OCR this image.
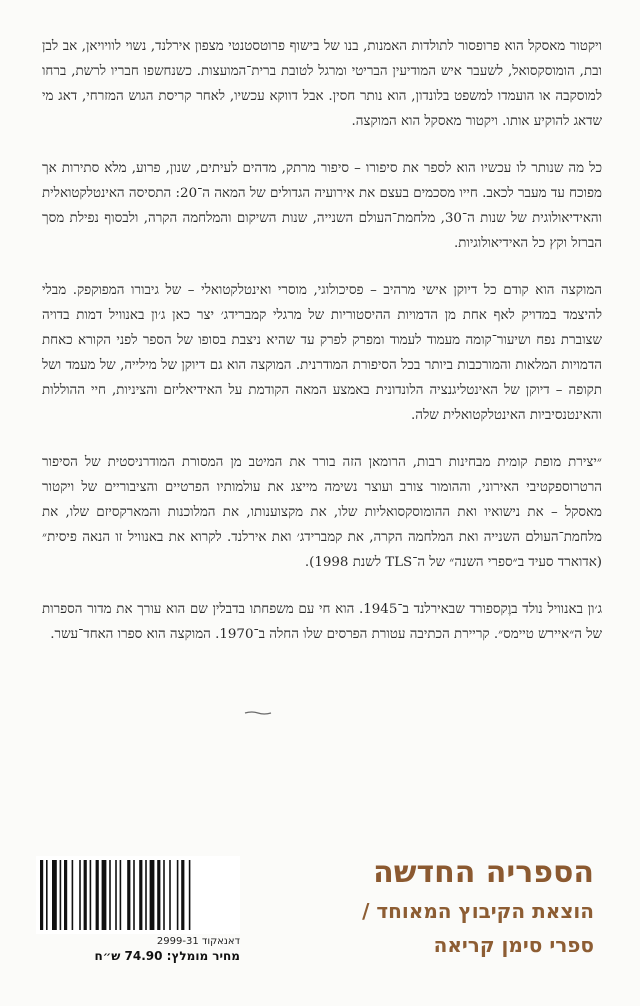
ויקטור מאסקל הוא פרופסור לתולדות האמנות, בנו של בישוף פרוטסטנטי מצפון אירלנד, נשוי לוויויאן, אב לבן ובת, הומוסקסואל, לשעבר איש המודיעין הבריטי ומרגל לטובת ברית־המועצות. כשנחשפו חבריו לרשת, ברחו למוסקבה או הועמדו למשפט בלונדון, הוא נותר חסין. אבל דווקא עכשיו, לאחר קריסת הגוש המזרחי, דאג מי שדאג להוקיע אותו. ויקטור מאסקל הוא המוקצה.

כל מה שנותר לו עכשיו הוא לספר את סיפורו – סיפור מרתק, מדהים לעיתים, שנון, פרוע, מלא סתירות אך מפוכח עד מעבר לכאב. חייו מסכמים בעצם את אירועיה הגדולים של המאה ה־20: התסיסה האינטלקטואלית והאידיאולוגית של שנות ה־30, מלחמת־העולם השנייה, שנות השיקום והמלחמה הקרה, ולבסוף נפילת מסך הברזל וקץ כל האידיאולוגיות.

המוקצה הוא קודם כל דיוקן אישי מרהיב – פסיכולוגי, מוסרי ואינטלקטואלי – של גיבורו המפוקפק. מבלי להיצמד במדויק לאף אחת מן הדמויות ההיסטוריות של מרגלי קמברידג׳ יצר כאן ג׳ון באנוויל דמות בדויה שצוברת נפח ושיעור־קומה מעמוד לעמוד ומפרק לפרק עד שהיא ניצבת בסופו של הספר לפני הקורא כאחת הדמויות המלאות והמורכבות ביותר בכל הסיפורת המודרנית. המוקצה הוא גם דיוקן של מילייה, של מעמד ושל תקופה – דיוקן של האינטליגנציה הלונדונית באמצע המאה הקודמת על האידיאליזם והציניות, חיי ההוללות והאינטנסיביות האינטלקטואלית שלה.

״יצירת מופת קומית מבחינות רבות, הרומאן הזה בורר את המיטב מן המסורת המודרניסטית של הסיפור הרטרוספקטיבי האירוני, וההומור צורב ועוצר נשימה מייצג את עולמותיו הפרטיים והציבוריים של ויקטור מאסקל – את נישואיו ואת ההומוסקסואליות שלו, את מקצוענותו, את המלוכנות והמארקסיזם שלו, את מלחמת־העולם השנייה ואת המלחמה הקרה, את קמברידג׳ ואת אירלנד. לקרוא את באנוויל זו הנאה פיסית״ (אדוארד סעיד ב״ספרי השנה״ של ה־TLS לשנת 1998).

ג׳ון באנוויל נולד בוֶקספורד שבאירלנד ב־1945. הוא חי עם משפחתו בדבלין שם הוא עורך את מדור הספרות של ה״איירש טיימס״. קריירת הכתיבה עטורת הפרסים שלו החלה ב־1970. המוקצה הוא ספרו האחד־עשר.

דאנאקוד 2999-31
מחיר מומלץ: 74.90 ש״ח
הספריה החדשה
הוצאת הקיבוץ המאוחד /
ספרי סימן קריאה
